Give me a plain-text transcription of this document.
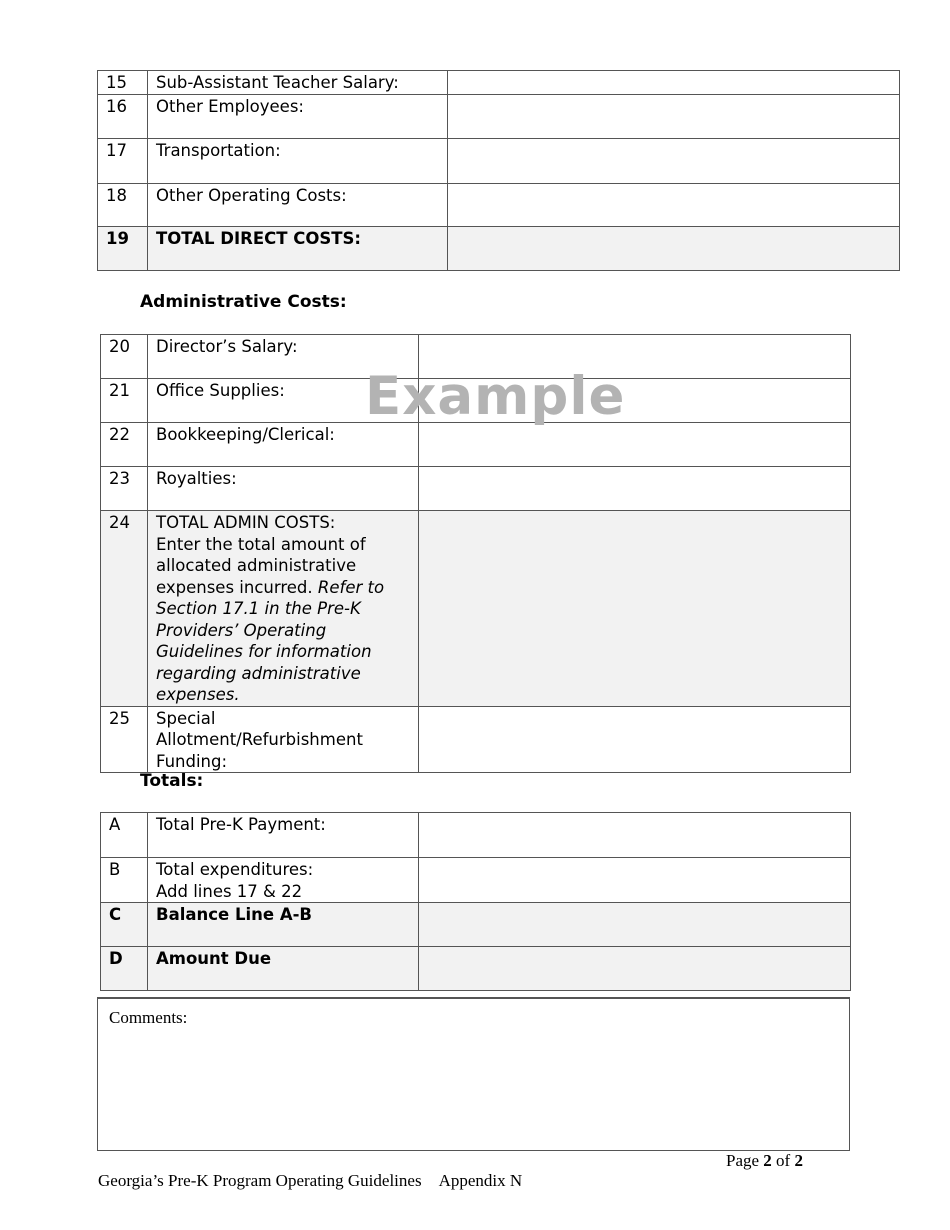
15	Sub-Assistant Teacher Salary:	
16	Other Employees:	
17	Transportation:	
18	Other Operating Costs:	
19	TOTAL DIRECT COSTS:	
Administrative Costs:
20	Director’s Salary:	
21	Office Supplies:	
22	Bookkeeping/Clerical:	
23	Royalties:	
24	TOTAL ADMIN COSTS:
Enter the total amount of allocated administrative expenses incurred. Refer to Section 17.1 in the Pre-K Providers’ Operating Guidelines for information regarding administrative expenses.	
25	Special Allotment/Refurbishment Funding:	
Example
Totals:
A	Total Pre-K Payment:	
B	Total expenditures:
Add lines 17 & 22	

C	Balance Line A-B	
D	Amount Due	
Comments:
Page 2 of 2
Georgia’s Pre-K Program Operating Guidelines Appendix N
